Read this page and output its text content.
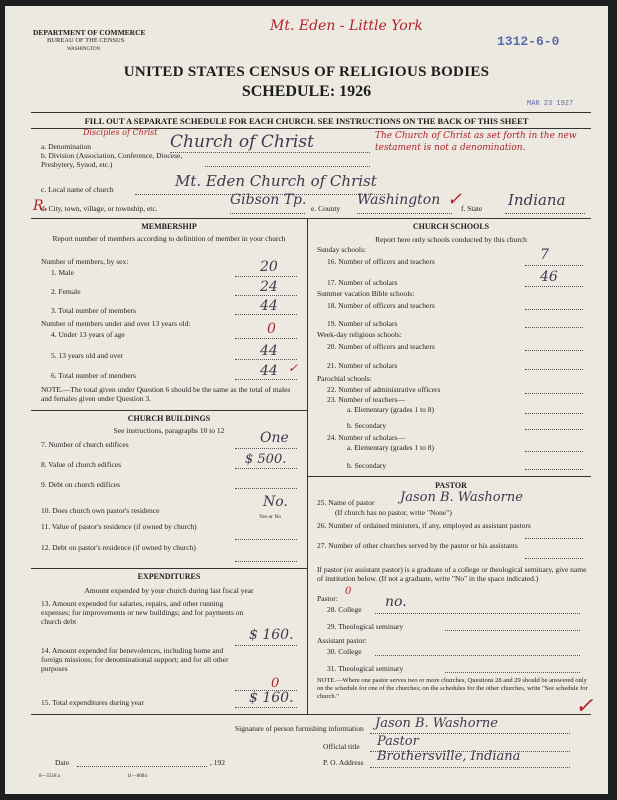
DEPARTMENT OF COMMERCE
BUREAU OF THE CENSUS
WASHINGTON
Mt. Eden - Little York
1312-6-0
UNITED STATES CENSUS OF RELIGIOUS BODIES
SCHEDULE: 1926
MAR 23 1927
FILL OUT A SEPARATE SCHEDULE FOR EACH CHURCH. SEE INSTRUCTIONS ON THE BACK OF THIS SHEET
Disciples of Christ
a. Denomination	Church of Christ	The Church of Christ as set forth in the new testament is not a denomination.
b. Division (Association, Conference, Diocese, Presbytery, Synod, etc.)
c. Local name of church	Mt. Eden Church of Christ
R.
d. City, town, village, or township, etc.
Gibson Tp.
e. County
Washington ✓
f. State Indiana
MEMBERSHIP
Report number of members according to definition of member in your church
Number of members, by sex:
1. Male	20
2. Female	24
3. Total number of members	44
Number of members under and over 13 years old:
4. Under 13 years of age	0
5. 13 years old and over	44
6. Total number of members	44 ✓
NOTE.—The total given under Question 6 should be the same as the total of males and females given under Question 3.
CHURCH BUILDINGS
See instructions, paragraphs 10 to 12
7. Number of church edifices	One
8. Value of church edifices	$ 500.
9. Debt on church edifices
10. Does church own pastor's residence
No.
Yes or No
11. Value of pastor's residence (if owned by church)
12. Debt on pastor's residence (if owned by church)
EXPENDITURES
Amount expended by your church during last fiscal year
13. Amount expended for salaries, repairs, and other running expenses; for improvements or new buildings; and for payments on church debt
$ 160.
14. Amount expended for benevolences, including home and foreign missions; for denominational support; and for all other purposes
0
15. Total expenditures during year	$ 160.
CHURCH SCHOOLS
Report here only schools conducted by this church
Sunday schools:
16. Number of officers and teachers	7
17. Number of scholars	46
Summer vacation Bible schools:
18. Number of officers and teachers
19. Number of scholars
Week-day religious schools:
20. Number of officers and teachers
21. Number of scholars
Parochial schools:
22. Number of administrative officers
23. Number of teachers—
a. Elementary (grades 1 to 8)
b. Secondary
24. Number of scholars—
a. Elementary (grades 1 to 8)
b. Secondary
PASTOR
25. Name of pastor Jason B. Washorne
(If church has no pastor, write "None")
26. Number of ordained ministers, if any, employed as assistant pastors
27. Number of other churches served by the pastor or his assistants
If pastor (or assistant pastor) is a graduate of a college or theological seminary, give name of institution below. (If not a graduate, write "No" in the space indicated.)
Pastor:
0
28. College no.
29. Theological seminary
Assistant pastor:
30. College
31. Theological seminary
NOTE.—Where one pastor serves two or more churches, Questions 28 and 29 should be answered only on the schedule for one of the churches; on the schedules for the other churches, write "See schedule for church."
Signature of person furnishing information Jason B. Washorne
✓
Official title Pastor
Date	, 192	P. O. Address Brothersville, Indiana
8—5518 a	11—8084
